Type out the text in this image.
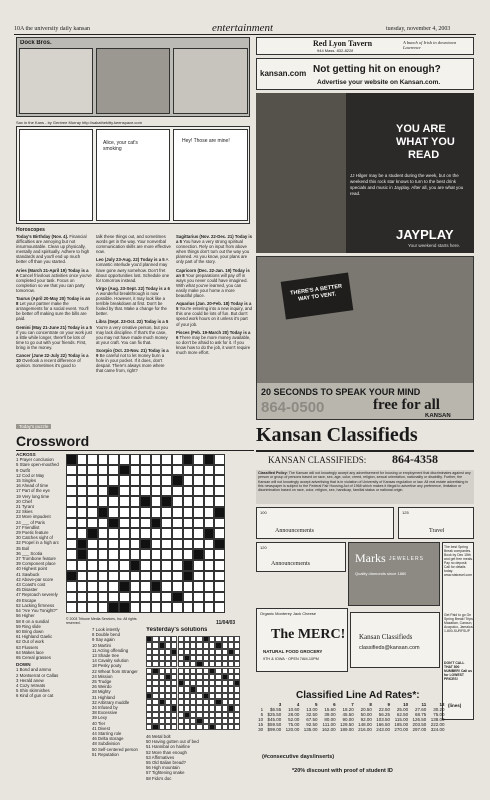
10A the university daily kansan	entertainment	tuesday, november 4, 2003
Dock Bros.
Sax in the Kans - by Gentree Murray http://sakathekitty.keenspace.com
Alice, your cat's smoking
Hey! Those are mine!
Horoscopes
Today's Birthday (Nov. 4). Financial difficulties are annoying but not insurmountable. Clean up physically, mentally and spiritually. Adhere to high standards and you'll end up much better off than you started.
Aries (March 21-April 19) Today is a 6 Cancel frivolous activities once you've completed your task. Focus on completion so we that you can party tomorrow.
Taurus (April 20-May 20) Today is an 8 Let your partner make the arrangements for a social event. You'll be better off making sure the bills are paid.
Gemini (May 21-June 21) Today is a 5 If you can concentrate on your work just a little while longer, there'll be lots of time to go out with your friends. First, bring in the money.
Cancer (June 22-July 22) Today is a 10 Overlook a recent difference of opinion. Sometimes it's good to
talk these things out, and sometimes words get in the way. Your nonverbal communication skills are more effective now.
Leo (July 23-Aug. 22) Today is a 5 A romantic interlude you'd planned may have gone awry somehow. Don't fret about opportunities lost. Schedule one for tomorrow instead.
Virgo (Aug. 23-Sept. 22) Today is a 6 A wonderful breakthrough is now possible. However, it may look like a terrible breakdown at first. Don't be fooled by that. Make a change for the better.
Libra (Sept. 23-Oct. 22) Today is a 5 You're a very creative person, but you may lack discipline. If that's the case, you may not have made much money at your craft. You can fix that.
Scorpio (Oct. 23-Nov. 21) Today is a 9 Be careful not to let money burn a hole in your pocket. If it does, don't despair. There's always more where that came from, right?
Sagittarius (Nov. 22-Dec. 21) Today is a 5 You have a very strong spiritual connection. Rely on input from above when things don't turn out the way you planned. As you know, your plans are only part of the story.
Capricorn (Dec. 22-Jan. 19) Today is an 8 Your preparations will pay off in ways you never could have imagined. With what you've learned, you can easily make your home a more beautiful place.
Aquarius (Jan. 20-Feb. 18) Today is a 5 You're entering into a new inquiry, and this one could be lots of fun. But don't spend work hours on it unless it's part of your job.
Pisces (Feb. 19-March 20) Today is a 6 There may be more money available, so don't be afraid to ask for it. If you know how to do the job, it won't require much more effort.
Today's puzzle
Crossword
ACROSS
1 Prayer conclusion
5 Stare open-mouthed
9 Outfit
12 Cod or May
15 Singles
16 Ahead of time
17 Part of the eye
19 Very long time
20 Chief
21 Tyrant
22 Skies
23 More impudent
24 ___ of Paris
27 Friendlist
29 Poetic feature
30 Catches sight of
32 Propel in a high arc
35 Boil
36 ___ Scotia
37 Trombone feature
39 Component place
40 Highest point
41 Sawbuck
42 Above-par score
43 Coast's cost
45 Disaster
47 Reproach severely
49 Escape
52 Lacking firmness
54 "Are You Tonight?"
56 Higher
58 8 on a sundial
59 Ring slide
60 Bring down
61 Highland Gaelic
62 Out of work
63 Flussers
64 Makes lace
65 Cereal grasses
DOWN
1 Bond and ammo
2 Montserrat or Callas
3 Herald anew
4 Cozy retreats
5 Shin skirmishes
6 Kind of gun or cat
© 2003 Tribune Media Services, Inc. All rights reserved.	11/04/03
7 Look intently
8 Double bend
9 Say again
10 Martini
11 Acting offending
13 Shade tree
14 Cavalry solution
18 Pesky pouty
22 Wheat from Stranger
24 Mission
25 Trudge
26 Weirdo
28 Mighty
31 Highland
32 Arbitrary muddle
34 Infused by
38 Excessive
39 Lexy
40 Tier
41 Divest
44 Starring role
46 Delta storage
48 Subdivision
50 Self-centered person
51 Reputation
Yesterday's solutions
46 Metal bolt
50 Having gotten out of bed
51 Hannibal on hairline
52 More than enough
53 Affirmatives
55 Old Italian bread?
56 High mountain
57 Tightening snake
58 Fido's doc
Red Lyon Tavern
944 Mass. 832-8228
A bunch of Irish in downtown Lawrence
kansan.com Not getting hit on enough?
Advertise your website on Kansan.com.
YOU ARE
WHAT YOU
READ
JJ Hilger may be a student during the week, but on the weekend this rock star knows to turn to the best drink specials and music in Jayplay. After all, you are what you read.
JAYPLAY
Your weekend starts here.
THERE'S A BETTER WAY TO VENT.
20 SECONDS TO SPEAK YOUR MIND
864-0500	free for all
KANSAN
Kansan Classifieds
KANSAN CLASSIFIEDS: 864-4358
Classified Policy: The Kansan will not knowingly accept any advertisement for housing or employment that discriminates against any person or group of persons based on race, sex, age, color, creed, religion, sexual orientation, nationality or disability. Further, the Kansan will not knowingly accept advertising that is in violation of University of Kansas regulation or law. All real estate advertising in this newspaper is subject to the Federal Fair Housing Act of 1968 which makes it illegal to advertise any preference, limitation or discrimination based on race, color, religion, sex, handicap, familial status or national origin.
100
Announcements
120
Announcements
125
Travel
Marks JEWELERS
Quality diamonds since 1880
The best Spring Break companies. Book by Dec 15th and get free meals. Pay no deposit. Call for details today. www.ststravel.com
Get Paid to go On Spring Break! Trips Mazatlan, Cancun, Acapulco, Jamaica. 1-800-SURFSUP
DON'T CALL THAT 800 NUMBER! Call us for LOWEST PRICES!
Organic Monterey Jack Cheese
The MERC!
NATURAL FOOD GROCERY
9TH & IOWA · OPEN 7AM-10PM
Kansan Classifieds
classifieds@kansan.com
Classified Line Ad Rates*:
(lines)
	3	4	5	6	7	8	9	10	11	12
1	$6.55	10.60	13.00	15.60	18.20	20.50	22.50	25.00	27.60	30.20
5	$25.50	28.00	32.50	39.00	45.50	50.00	56.25	62.50	68.75	75.00
10	$45.00	52.00	67.50	80.00	90.00	92.00	103.50	115.00	126.50	138.00
15	$59.50	75.00	92.50	111.00	129.50	148.00	166.50	185.00	203.50	222.00
30	$99.00	120.00	135.00	162.00	189.00	216.00	243.00	270.00	297.00	324.00
(#consecutive days/inserts)
*20% discount with proof of student ID
